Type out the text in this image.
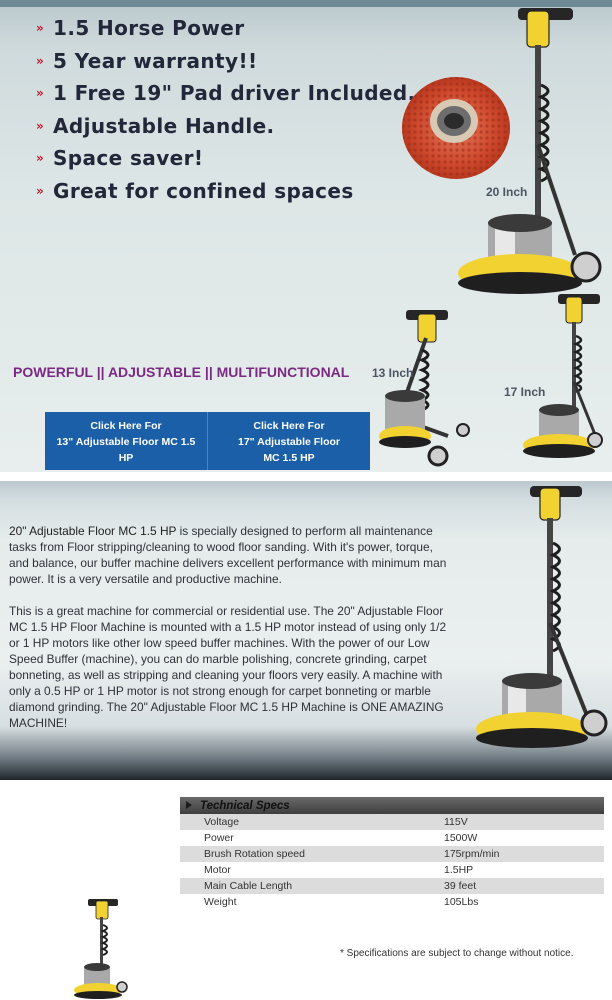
» 1.5 Horse Power
» 5 Year warranty!!
» 1 Free 19" Pad driver Included.
» Adjustable Handle.
» Space saver!
» Great for confined spaces	20 Inch
POWERFUL || ADJUSTABLE || MULTIFUNCTIONAL 13 Inch
17 Inch
Click Here For
13" Adjustable Floor MC 1.5
HP
Click Here For
17" Adjustable Floor
MC 1.5 HP

20" Adjustable Floor MC 1.5 HP is specially designed to perform all maintenance tasks from Floor stripping/cleaning to wood floor sanding. With it's power, torque, and balance, our buffer machine delivers excellent performance with minimum man power. It is a very versatile and productive machine.

This is a great machine for commercial or residential use. The 20" Adjustable Floor MC 1.5 HP Floor Machine is mounted with a 1.5 HP motor instead of using only 1/2 or 1 HP motors like other low speed buffer machines. With the power of our Low Speed Buffer (machine), you can do marble polishing, concrete grinding, carpet bonneting, as well as stripping and cleaning your floors very easily. A machine with only a 0.5 HP or 1 HP motor is not strong enough for carpet bonneting or marble diamond grinding. The 20" Adjustable Floor MC 1.5 HP Machine is ONE AMAZING MACHINE!

Technical Specs
Voltage	115V
Power	1500W
Brush Rotation speed	175rpm/min
Motor	1.5HP
Main Cable Length	39 feet
Weight	105Lbs
* Specifications are subject to change without notice.
